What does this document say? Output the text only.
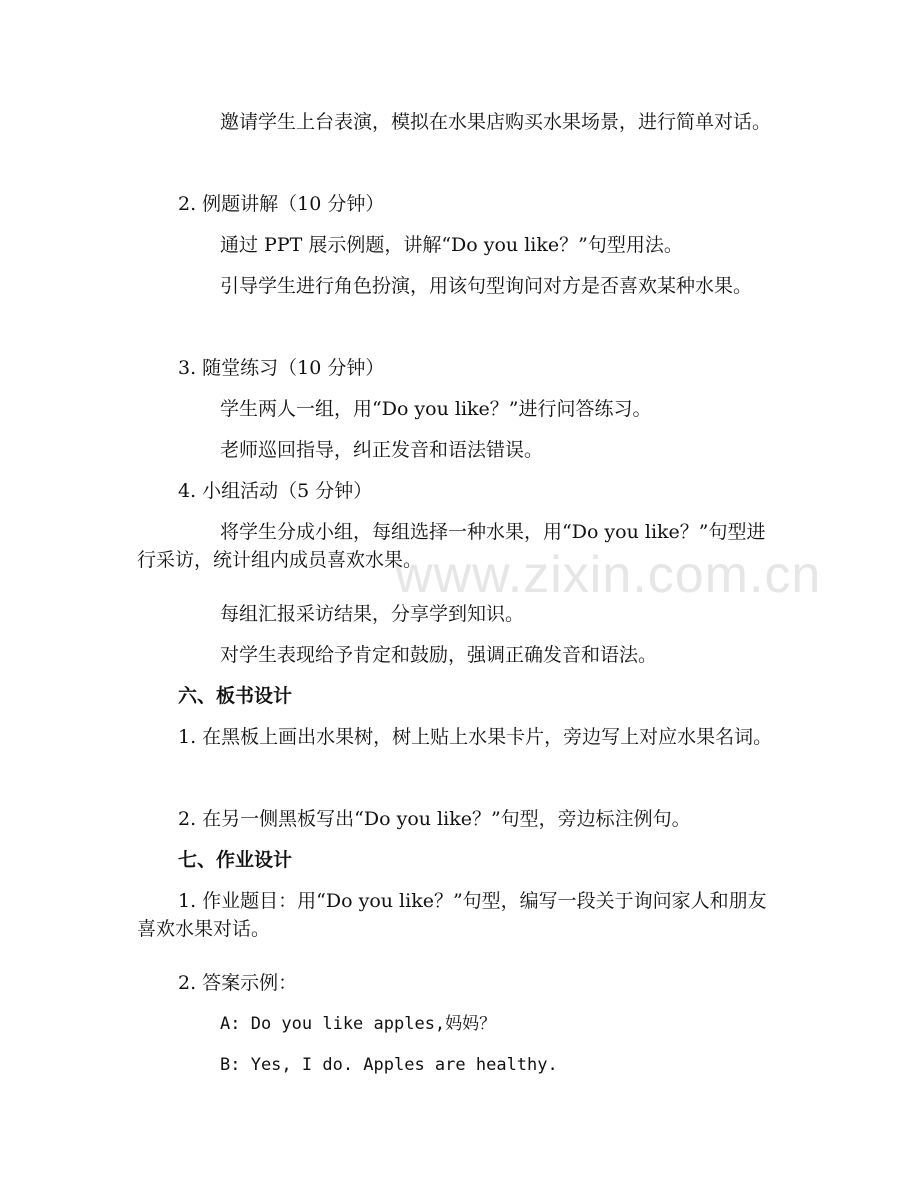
www.zixin.com.cn
邀请学生上台表演，模拟在水果店购买水果场景，进行简单对话。
2. 例题讲解（10 分钟）
通过 PPT 展示例题，讲解“Do you like？”句型用法。
引导学生进行角色扮演，用该句型询问对方是否喜欢某种水果。
3. 随堂练习（10 分钟）
学生两人一组，用“Do you like？”进行问答练习。
老师巡回指导，纠正发音和语法错误。
4. 小组活动（5 分钟）
将学生分成小组，每组选择一种水果，用“Do you like？”句型进行采访，统计组内成员喜欢水果。
每组汇报采访结果，分享学到知识。
对学生表现给予肯定和鼓励，强调正确发音和语法。
六、板书设计
1. 在黑板上画出水果树，树上贴上水果卡片，旁边写上对应水果名词。
2. 在另一侧黑板写出“Do you like？”句型，旁边标注例句。
七、作业设计
1. 作业题目：用“Do you like？”句型，编写一段关于询问家人和朋友喜欢水果对话。
2. 答案示例：
A: Do you like apples,妈妈？
B: Yes, I do. Apples are healthy.
